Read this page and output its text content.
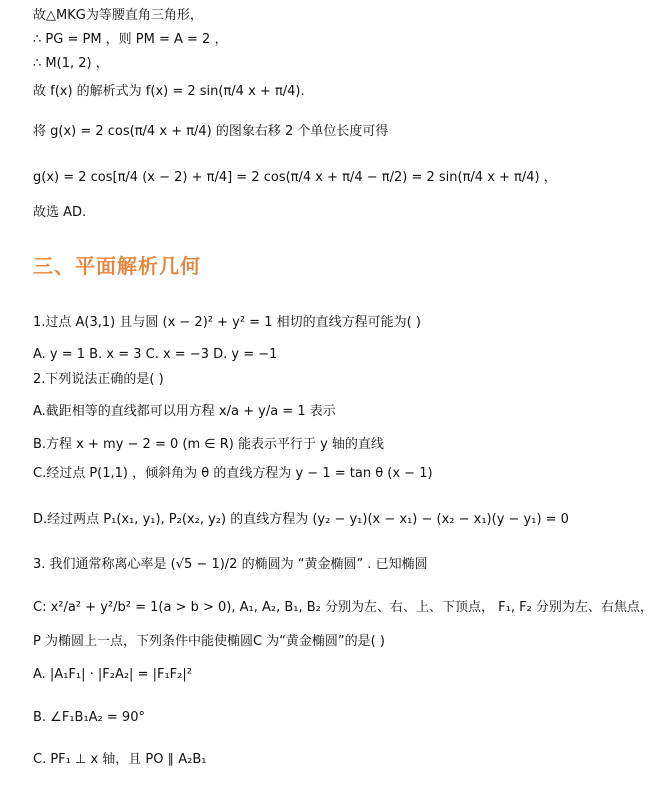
故△MKG为等腰直角三角形，
∴ PG = PM ，则 PM = A = 2 ，
∴ M(1, 2) ，
故 f(x) 的解析式为 f(x) = 2 sin(π/4 x + π/4).
将 g(x) = 2 cos(π/4 x + π/4) 的图象右移 2 个单位长度可得
g(x) = 2 cos[π/4 (x − 2) + π/4] = 2 cos(π/4 x + π/4 − π/2) = 2 sin(π/4 x + π/4) ，
故选 AD.
三、平面解析几何
1.过点 A(3,1) 且与圆 (x − 2)² + y² = 1 相切的直线方程可能为( )
A. y = 1 B. x = 3 C. x = −3 D. y = −1
2.下列说法正确的是( )
A.截距相等的直线都可以用方程 x/a + y/a = 1 表示
B.方程 x + my − 2 = 0 (m ∈ R) 能表示平行于 y 轴的直线
C.经过点 P(1,1) ，倾斜角为 θ 的直线方程为 y − 1 = tan θ (x − 1)
D.经过两点 P₁(x₁, y₁), P₂(x₂, y₂) 的直线方程为 (y₂ − y₁)(x − x₁) − (x₂ − x₁)(y − y₁) = 0
3. 我们通常称离心率是 (√5 − 1)/2 的椭圆为 “黄金椭圆” . 已知椭圆
C: x²/a² + y²/b² = 1(a > b > 0), A₁, A₂, B₁, B₂ 分别为左、右、上、下顶点， F₁, F₂ 分别为左、右焦点，
P 为椭圆上一点，下列条件中能使椭圆C 为“黄金椭圆”的是( )
A. |A₁F₁| · |F₂A₂| = |F₁F₂|²
B. ∠F₁B₁A₂ = 90°
C. PF₁ ⊥ x 轴，且 PO ∥ A₂B₁
